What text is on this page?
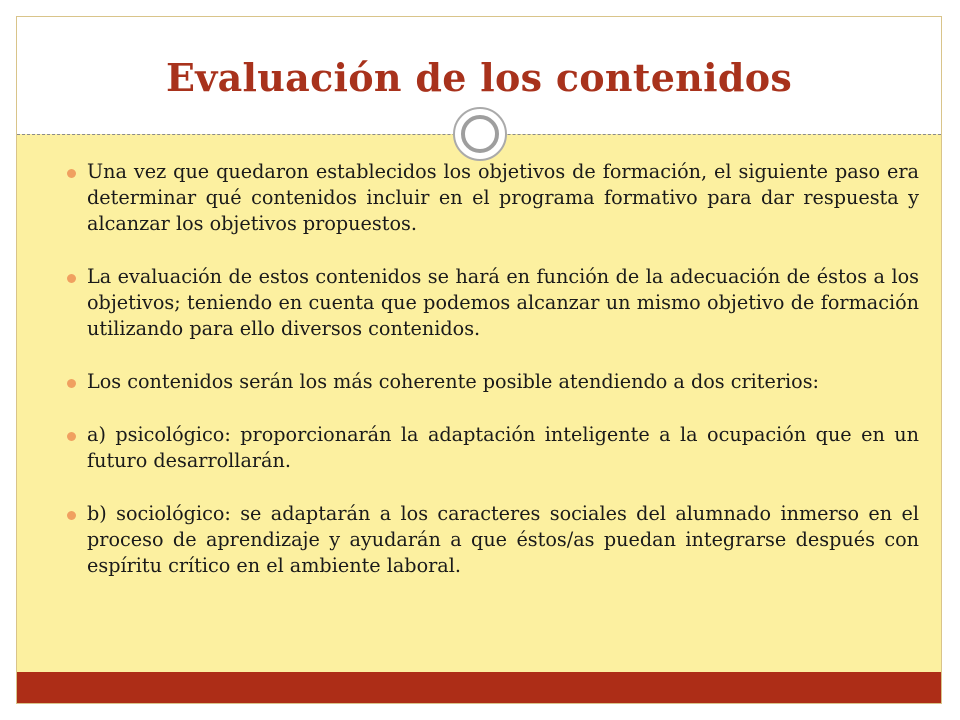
Evaluación de los contenidos
Una vez que quedaron establecidos los objetivos de formación, el siguiente paso era determinar qué contenidos incluir en el programa formativo para dar respuesta y alcanzar los objetivos propuestos.
La evaluación de estos contenidos se hará en función de la adecuación de éstos a los objetivos; teniendo en cuenta que podemos alcanzar un mismo objetivo de formación utilizando para ello diversos contenidos.
Los contenidos serán los más coherente posible atendiendo a dos criterios:
a) psicológico: proporcionarán la adaptación inteligente a la ocupación que en un futuro desarrollarán.
b) sociológico: se adaptarán a los caracteres sociales del alumnado inmerso en el proceso de aprendizaje y ayudarán a que éstos/as puedan integrarse después con espíritu crítico en el ambiente laboral.
